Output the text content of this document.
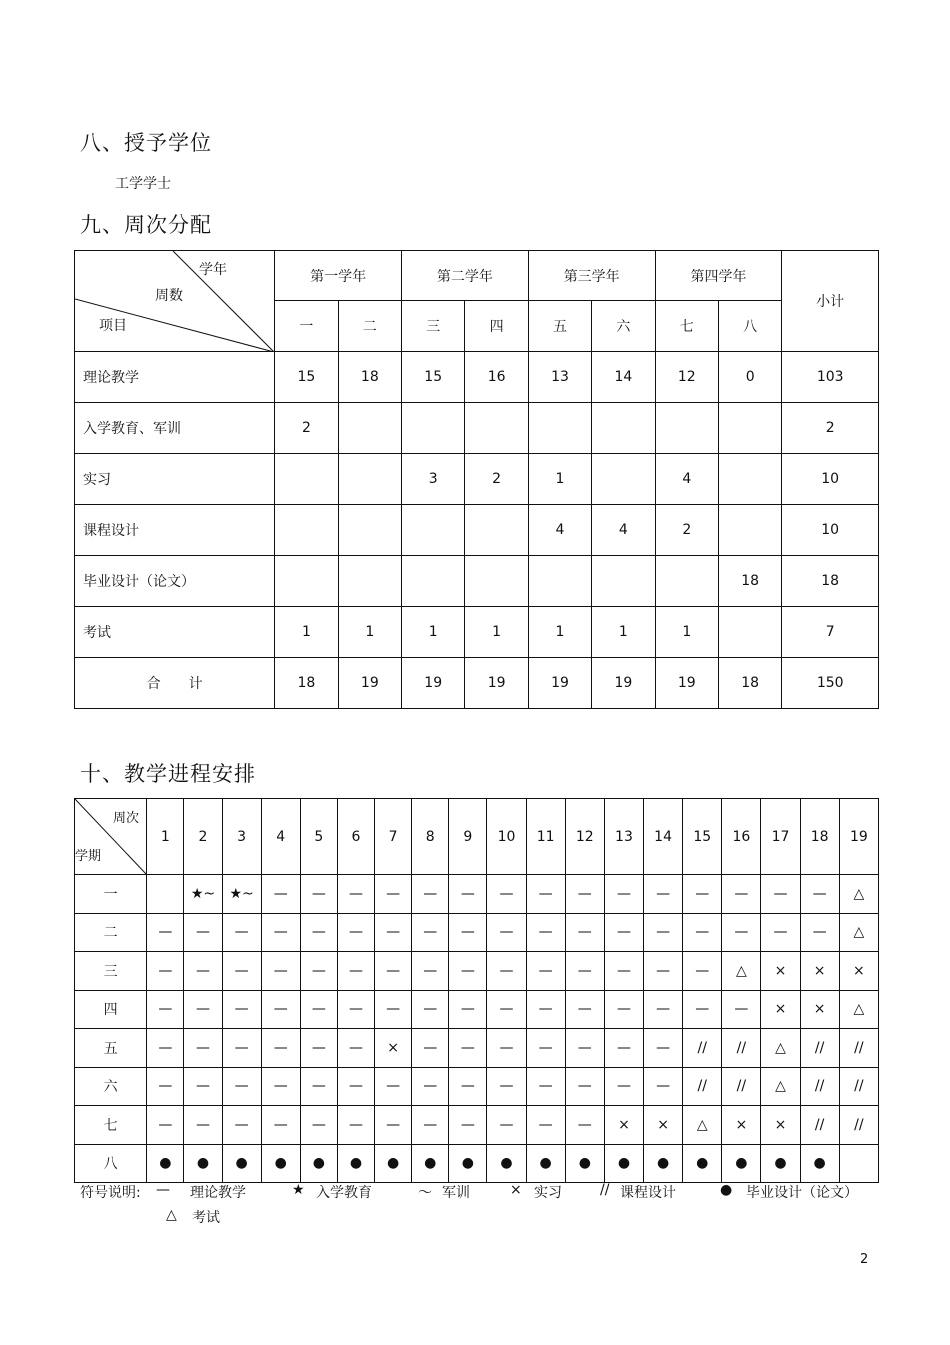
八、授予学位
工学学士
九、周次分配
学年
周数
项目	第一学年		第二学年		第三学年		第四学年		小计
	一	二	三	四	五	六	七	八	
理论教学	15	18	15	16	13	14	12	0	103
入学教育、军训	2								2
实习			3	2	1		4		10
课程设计					4	4	2		10
毕业设计（论文）								18	18
考试	1	1	1	1	1	1	1		7
合　　计	18	19	19	19	19	19	19	18	150
十、教学进程安排
周次
学期	1	2	3	4	5	6	7	8	9	10	11	12	13	14	15	16	17	18	19
一		★~	★~	—	—	—	—	—	—	—	—	—	—	—	—	—	—	—	△
二	—	—	—	—	—	—	—	—	—	—	—	—	—	—	—	—	—	—	△
三	—	—	—	—	—	—	—	—	—	—	—	—	—	—	—	△	×	×	×
四	—	—	—	—	—	—	—	—	—	—	—	—	—	—	—	—	×	×	△
五	—	—	—	—	—	—	×	—	—	—	—	—	—	—	//	//	△	//	//
六	—	—	—	—	—	—	—	—	—	—	—	—	—	—	//	//	△	//	//
七	—	—	—	—	—	—	—	—	—	—	—	—	×	×	△	×	×	//	//
八	●	●	●	●	●	●	●	●	●	●	●	●	●	●	●	●	●	●	
符号说明: — 理论教学	★ 入学教育	～ 军训	× 实习	// 课程设计	● 毕业设计（论文）
△ 考试
2
